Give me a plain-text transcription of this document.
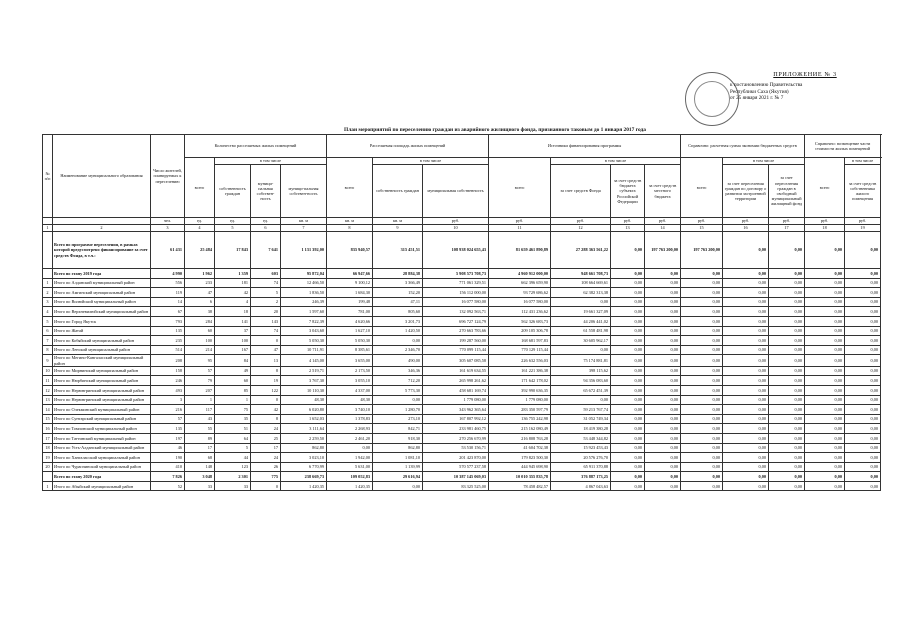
ПРИЛОЖЕНИЕ № 3
к постановлению Правительства
Республики Саха (Якутия)
от 25 января 2021 г. № 7
План мероприятий по переселению граждан из аварийного жилищного фонда, признанного таковым до 1 января 2017 года
№ п/п	Наименование муниципального образования	Число жителей, планируемых к переселению	Количество расселяемых жилых помещений				Расселяемая площадь жилых помещений			Источники финансирования программы				Справочно: расчетная сумма экономии бюджетных средств			Справочно: возмещение части стоимости жилых помещений		
			всего	в том числе			всего	в том числе		всего	в том числе			всего	в том числе		всего	в том числе	
				собственность граждан	муници-пальная собствен-ность	муници-пальная собствен-ность		собственность граждан	муниципальная собственность		за счет средств Фонда	за счет средств бюджета субъекта Российской Федерации	за счет средств местного бюджета		за счет переселения граждан по договору о развитии застроенной территории	за счет переселения граждан в свободный муниципальный жилищный фонд		за счет средств собственника жилого помещения	
		чел.	ед.	ед.	ед.	кв. м	кв. м	кв. м	руб.	руб.	руб.	руб.	руб.	руб.	руб.	руб.	руб.	руб.	
1	2	3	4	5	6	7	8	9	10	11	12	13	14	15	16	17	18	19	
	Всего по программе переселения, в рамках которой предусмотрено финансирование за счет средств Фонда, в т.ч.:	61 431	25 484	17 843	7 641	1 131 392,00	835 940,57	315 451,51	108 938 024 655,43	81 659 461 890,89	27 288 363 561,22	0,00	197 763 200,00	197 763 200,00	0,00	0,00	0,00	0,00	
	Всего по этапу 2019 года	4 990	1 962	1 359	603	95 872,04	66 947,66	28 884,38	5 908 573 708,73	4 960 912 000,00	948 661 708,73	0,00	0,00	0,00	0,00	0,00	0,00	0,00	
1	Итого по Алданский муниципальный район	556	233	181	74	12 466,50	9 100,12	3 366,49	771 061 329,51	662 396 659,90	108 664 669,61	0,00	0,00	0,00	0,00	0,00	0,00	0,00	
2	Итого по Амгинский муниципальный район	119	47	42	5	1 836,50	1 684,30	152,20	156 112 000,00	93 729 686,62	62 382 313,38	0,00	0,00	0,00	0,00	0,00	0,00	0,00	
3	Итого по Вилюйский муниципальный район	14	6	4	2	246,39	199,48	47,11	16 077 580,00	16 077 580,00	0,00	0,00	0,00	0,00	0,00	0,00	0,00	0,00	
4	Итого по Верхневилюйский муниципальный район	67	38	18	20	1 597,60	781,00	805,60	132 092 563,71	112 431 236,62	19 661 327,09	0,00	0,00	0,00	0,00	0,00	0,00	0,00	
5	Итого по Город Якутск	793	284	141	143	7 822,39	4 620,66	3 201,73	696 727 124,79	562 326 683,73	44 206 441,02	0,00	0,00	0,00	0,00	0,00	0,00	0,00	
6	Итого по Жатай	135	60	37	74	3 043,60	1 627,10	1 420,50	270 663 783,66	209 105 306,78	61 558 481,98	0,00	0,00	0,00	0,00	0,00	0,00	0,00	
7	Итого по Кобяйский муниципальный район	235	100	100	0	5 050,30	5 050,30	0,00	199 287 560,00	168 681 597,83	30 605 962,17	0,00	0,00	0,00	0,00	0,00	0,00	0,00	
8	Итого по Ленский муниципальный район	514	214	167	47	10 711,91	8 385,61	2 346,70	770 099 115,44	770 129 115,44	0,00	0,00	0,00	0,00	0,00	0,00	0,00	0,00	
9	Итого по Мегино-Кангаласский муниципальный район	208	95	84	13	4 145,00	3 655,00	490,00	305 607 085,58	226 632 556,03	75 174 881,81	0,00	0,00	0,00	0,00	0,00	0,00	0,00	
10	Итого по Мирнинский муниципальный район	158	57	49	8	2 519,71	2 173,50	346,36	161 619 634,55	161 221 386,38	398 115,62	0,00	0,00	0,00	0,00	0,00	0,00	0,00	
11	Итого по Нюрбинский муниципальный район	246	79	60	19	3 767,30	3 055,10	712,20	265 998 261,62	171 642 178,02	94 356 083,60	0,00	0,00	0,00	0,00	0,00	0,00	0,00	
12	Итого по Нерюнгринский муниципальный район	493	207	85	122	10 110,30	4 337,00	5 773,30	458 681 169,74	392 990 636,35	65 672 451,39	0,00	0,00	0,00	0,00	0,00	0,00	0,00	
13	Итого по Нерюнгринский муниципальный район	3	1	1	0	48,30	48,30	0,00	1 779 080,00	1 779 080,00	0,00	0,00	0,00	0,00	0,00	0,00	0,00	0,00	
14	Итого по Олекминский муниципальный район	216	117	75	42	6 020,80	3 740,10	1 280,70	343 962 365,64	283 350 597,79	59 213 767,74	0,00	0,00	0,00	0,00	0,00	0,00	0,00	
15	Итого по Сунтарский муниципальный район	57	43	35	8	1 652,03	1 378,83	273,10	167 807 992,12	136 755 242,98	31 052 749,34	0,00	0,00	0,00	0,00	0,00	0,00	0,00	
16	Итого по Томпонский муниципальный район	135	55	51	24	3 111,64	2 268,93	842,71	233 981 460,75	215 162 080,49	18 419 380,28	0,00	0,00	0,00	0,00	0,00	0,00	0,00	
17	Итого по Таттинский муниципальный район	197	89	64	25	2 259,50	2 461,20	918,30	270 256 670,99	216 808 763,28	53 448 344,82	0,00	0,00	0,00	0,00	0,00	0,00	0,00	
18	Итого по Усть-Алданский муниципальный район	46	17	5	17	862,80	0,00	862,80	53 530 156,71	41 604 702,38	15 923 453,43	0,00	0,00	0,00	0,00	0,00	0,00	0,00	
19	Итого по Хангаласский муниципальный район	190	68	44	24	3 023,10	1 942,00	1 081,10	201 423 870,00	179 823 500,30	20 576 276,70	0,00	0,00	0,00	0,00	0,00	0,00	0,00	
20	Итого по Чурапчинский муниципальный район	410	148	123	26	6 770,99	5 631,00	1 139,99	570 577 237,58	444 945 698,90	65 911 370,88	0,00	0,00	0,00	0,00	0,00	0,00	0,00	
	Всего по этапу 2020 года	7 826	3 048	2 301	775	238 669,73	109 052,83	29 616,94	10 387 145 069,03	10 010 355 835,78	376 887 173,25	0,00	0,00	0,00	0,00	0,00	0,00	0,00	
1	Итого по Абыйский муниципальный район	52	33	33	0	1 420,35	1 420,35	0,00	83 325 525,00	78 458 482,57	4 867 043,63	0,00	0,00	0,00	0,00	0,00	0,00	0,00	
